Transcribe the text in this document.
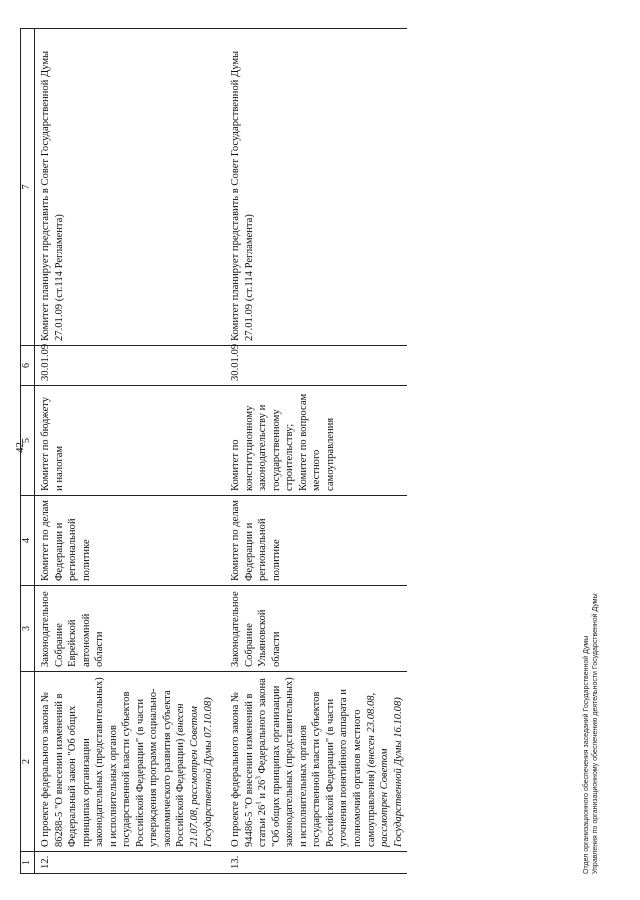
42
1	2	3	4	5	6	7
12.	О проекте федерального закона № 86288-5 "О внесении изменений в Федеральный закон "Об общих принципах организации законодательных (представительных) и исполнительных органов государственной власти субъектов Российской Федерации" (в части утверждения программ социально-экономического развития субъекта Российской Федерации) (внесен 21.07.08, рассмотрен Советом Государственной Думы 07.10.08)	Законодательное Собрание Еврейской автономной области	Комитет по делам Федерации и региональной политике	Комитет по бюджету и налогам	30.01.09	Комитет планирует представить в Совет Государственной Думы 27.01.09 (ст.114 Регламента)
13.	О проекте федерального закона № 94486-5 "О внесении изменений в статьи $26^1$ и $26^3$ Федерального закона "Об общих принципах организации законодательных (представительных) и исполнительных органов государственной власти субъектов Российской Федерации" (в части уточнения понятийного аппарата и полномочий органов местного самоуправления) (внесен 23.08.08, рассмотрен Советом Государственной Думы 16.10.08)	Законодательное Собрание Ульяновской области	Комитет по делам Федерации и региональной политике	Комитет по конституционному законодательству и государственному строительству; Комитет по вопросам местного самоуправления	30.01.09	Комитет планирует представить в Совет Государственной Думы 27.01.09 (ст.114 Регламента)
Отдел организационного обеспечения заседаний Государственной Думы Управления по организационному обеспечению деятельности Государственной Думы
